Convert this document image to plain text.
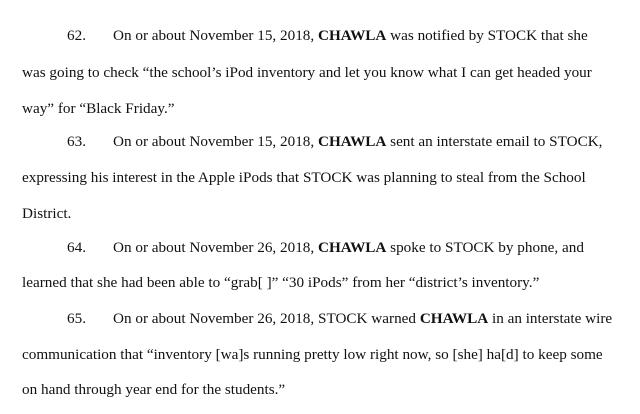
62. On or about November 15, 2018, CHAWLA was notified by STOCK that she
was going to check “the school’s iPod inventory and let you know what I can get headed your
way” for “Black Friday.”
63. On or about November 15, 2018, CHAWLA sent an interstate email to STOCK,
expressing his interest in the Apple iPods that STOCK was planning to steal from the School
District.
64. On or about November 26, 2018, CHAWLA spoke to STOCK by phone, and
learned that she had been able to “grab[ ]” “30 iPods” from her “district’s inventory.”
65. On or about November 26, 2018, STOCK warned CHAWLA in an interstate wire
communication that “inventory [wa]s running pretty low right now, so [she] ha[d] to keep some
on hand through year end for the students.”
